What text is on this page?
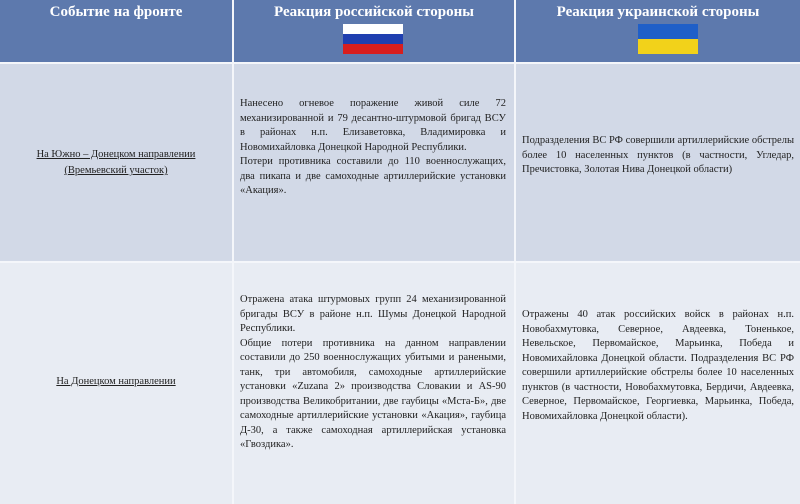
Событие на фронте	Реакция российской стороны	Реакция украинской стороны
На Южно – Донецком направлении
(Времьевский участок)

Нанесено огневое поражение живой силе 72 механизированной и 79 десантно-штурмовой бригад ВСУ в районах н.п. Елизаветовка, Владимировка и Новомихайловка Донецкой Народной Республики.

Потери противника составили до 110 военнослужащих, два пикапа и две самоходные артиллерийские установки «Акация».

Подразделения ВС РФ совершили артиллерийские обстрелы более 10 населенных пунктов (в частности, Угледар, Пречистовка, Золотая Нива Донецкой области)

На Донецком направлении

Отражена атака штурмовых групп 24 механизированной бригады ВСУ в районе н.п. Шумы Донецкой Народной Республики.

Общие потери противника на данном направлении составили до 250 военнослужащих убитыми и ранеными, танк, три автомобиля, самоходные артиллерийские установки «Zuzana 2» производства Словакии и AS-90 производства Великобритании, две гаубицы «Мста-Б», две самоходные артиллерийские установки «Акация», гаубица Д-30, а также самоходная артиллерийская установка «Гвоздика».

Отражены 40 атак российских войск в районах н.п. Новобахмутовка, Северное, Авдеевка, Тоненькое, Невельское, Первомайское, Марьинка, Победа и Новомихайловка Донецкой области. Подразделения ВС РФ совершили артиллерийские обстрелы более 10 населенных пунктов (в частности, Новобахмутовка, Бердичи, Авдеевка, Северное, Первомайское, Георгиевка, Марьинка, Победа, Новомихайловка Донецкой области).
